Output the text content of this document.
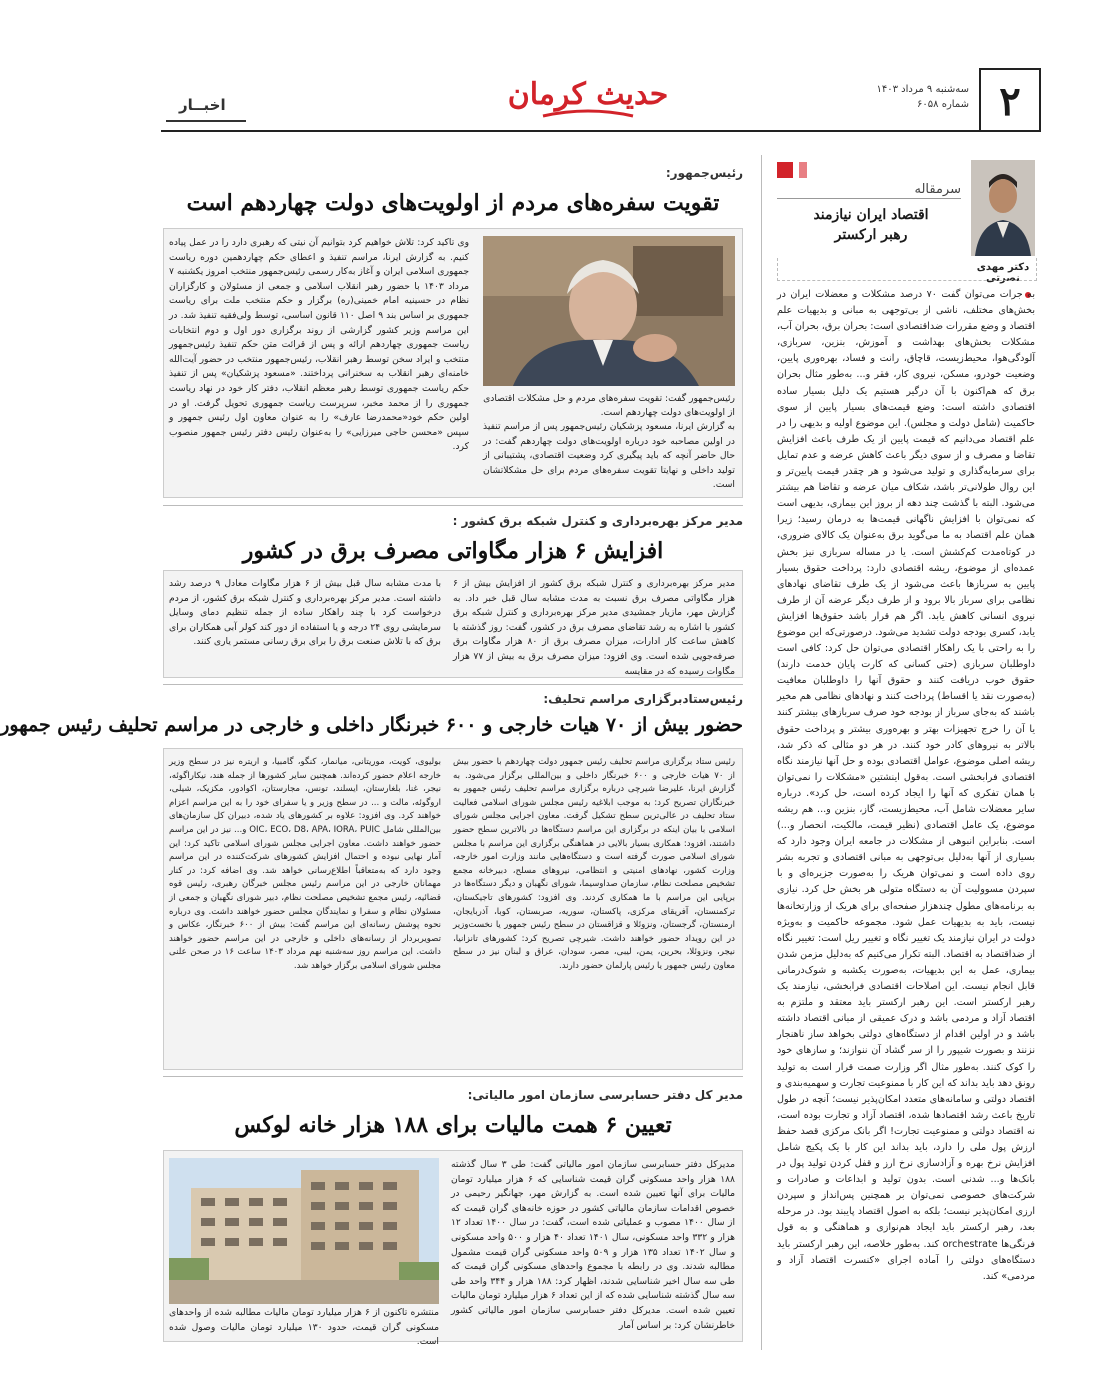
۲
سه‌شنبه ۹ مرداد ۱۴۰۳
شماره ۶۰۵۸
حدیث کرمان
اخبــار
سرمقاله
اقتصاد ایران نیازمند
رهبر ارکستر
دکتر مهدی نصرتی
به جرات می‌توان گفت ۷۰ درصد مشکلات و معضلات ایران در بخش‌های مختلف، ناشی از بی‌توجهی به مبانی و بدیهیات علم اقتصاد و وضع مقررات ضداقتصادی است: بحران برق، بحران آب، مشکلات بخش‌های بهداشت و آموزش، بنزین، سربازی، آلودگی‌هوا، محیط‌زیست، قاچاق، رانت و فساد، بهره‌وری پایین، وضعیت خودرو، مسکن، نیروی کار، فقر و... به‌طور مثال بحران برق که هم‌اکنون با آن درگیر هستیم یک دلیل بسیار ساده اقتصادی داشته است: وضع قیمت‌های بسیار پایین از سوی حاکمیت (شامل دولت و مجلس). این موضوع اولیه و بدیهی را در علم اقتصاد می‌دانیم که قیمت پایین از یک طرف باعث افزایش تقاضا و مصرف و از سوی دیگر باعث کاهش عرضه و عدم تمایل برای سرمایه‌گذاری و تولید می‌شود و هر چقدر قیمت پایین‌تر و این روال طولانی‌تر باشد، شکاف میان عرضه و تقاضا هم بیشتر می‌شود. البته با گذشت چند دهه از بروز این بیماری، بدیهی است که نمی‌توان با افزایش ناگهانی قیمت‌ها به درمان رسید؛ زیرا همان علم اقتصاد به ما می‌گوید برق به‌عنوان یک کالای ضروری، در کوتاه‌مدت کم‌کشش است. یا در مساله سربازی نیز بخش عمده‌ای از موضوع، ریشه اقتصادی دارد: پرداخت حقوق بسیار پایین به سربازها باعث می‌شود از یک طرف تقاضای نهادهای نظامی برای سرباز بالا برود و از طرف دیگر عرضه آن از طرف نیروی انسانی کاهش یابد. اگر هم قرار باشد حقوق‌ها افزایش یابد، کسری بودجه دولت تشدید می‌شود. درصورتی‌که این موضوع را به راحتی با یک راهکار اقتصادی می‌توان حل کرد: کافی است داوطلبان سربازی (حتی کسانی که کارت پایان خدمت دارند) حقوق خوب دریافت کنند و حقوق آنها را داوطلبان معافیت (به‌صورت نقد یا اقساط) پرداخت کنند و نهادهای نظامی هم مخیر باشند که به‌جای سرباز از بودجه خود صرف سربازهای بیشتر کنند یا آن را خرج تجهیزات بهتر و بهره‌وری بیشتر و پرداخت حقوق بالاتر به نیروهای کادر خود کنند. در هر دو مثالی که ذکر شد، ریشه اصلی موضوع، عوامل اقتصادی بوده و حل آنها نیازمند نگاه اقتصادی فرابخشی است. به‌قول اینشتین «مشکلات را نمی‌توان با همان تفکری که آنها را ایجاد کرده است، حل کرد». درباره سایر معضلات شامل آب، محیط‌زیست، گاز، بنزین و... هم ریشه موضوع، یک عامل اقتصادی (نظیر قیمت، مالکیت، انحصار و...) است. بنابراین انبوهی از مشکلات در جامعه ایران وجود دارد که بسیاری از آنها به‌دلیل بی‌توجهی به مبانی اقتصادی و تجربه بشر روی داده است و نمی‌توان هریک را به‌صورت جزیره‌ای و با سپردن مسوولیت آن به دستگاه متولی هر بخش حل کرد. نیازی به برنامه‌های مطول چندهزار صفحه‌ای برای هریک از وزارتخانه‌ها نیست، باید به بدیهیات عمل شود. مجموعه حاکمیت و به‌ویژه دولت در ایران نیازمند یک تغییر نگاه و تغییر ریل است: تغییر نگاه از ضداقتصاد به اقتصاد. البته تکرار می‌کنیم که به‌دلیل مزمن شدن بیماری، عمل به این بدیهیات، به‌صورت یکشبه و شوک‌درمانی قابل انجام نیست. این اصلاحات اقتصادی فرابخشی، نیازمند یک رهبر ارکستر است. این رهبر ارکستر باید معتقد و ملتزم به اقتصاد آزاد و مردمی باشد و درک عمیقی از مبانی اقتصاد داشته باشد و در اولین اقدام از دستگاه‌های دولتی بخواهد ساز ناهنجار نزنند و بصورت شیپور را از سر گشاد آن ننوازند؛ و سازهای خود را کوک کنند. به‌طور مثال اگر وزارت صمت قرار است به تولید رونق دهد باید بداند که این کار با ممنوعیت تجارت و سهمیه‌بندی و اقتصاد دولتی و سامانه‌های متعدد امکان‌پذیر نیست؛ آنچه در طول تاریخ باعث رشد اقتصادها شده، اقتصاد آزاد و تجارت بوده است، نه اقتصاد دولتی و ممنوعیت تجارت! اگر بانک مرکزی قصد حفظ ارزش پول ملی را دارد، باید بداند این کار با یک پکیج شامل افزایش نرخ بهره و آزادسازی نرخ ارز و قفل کردن تولید پول در بانک‌ها و... شدنی است. بدون تولید و ابداعات و صادرات و شرکت‌های خصوصی نمی‌توان بر همچنین پس‌انداز و سپردن ارزی امکان‌پذیر نیست؛ بلکه به اصول اقتصاد پایبند بود. در مرحله بعد، رهبر ارکستر باید ایجاد هم‌نوازی و هماهنگی و به قول فرنگی‌ها orchestrate کند. به‌طور خلاصه، این رهبر ارکستر باید دستگاه‌های دولتی را آماده اجرای «کنسرت اقتصاد آزاد و مردمی» کند.
رئیس‌جمهور:
تقویت سفره‌های مردم از اولویت‌های دولت چهاردهم است
رئیس‌جمهور گفت: تقویت سفره‌های مردم و حل مشکلات اقتصادی از اولویت‌های دولت چهاردهم است.
به گزارش ایرنا، مسعود پزشکیان رئیس‌جمهور پس از مراسم تنفیذ در اولین مصاحبه خود درباره اولویت‌های دولت چهاردهم گفت: در حال حاضر آنچه که باید پیگیری کرد وضعیت اقتصادی، پشتیبانی از تولید داخلی و نهایتا تقویت سفره‌های مردم برای حل مشکلاتشان است.
وی تاکید کرد: تلاش خواهیم کرد بتوانیم آن نیتی که رهبری دارد را در عمل پیاده کنیم. به گزارش ایرنا، مراسم تنفیذ و اعطای حکم چهاردهمین دوره ریاست جمهوری اسلامی ایران و آغاز به‌کار رسمی رئیس‌جمهور منتخب امروز یکشنبه ۷ مرداد ۱۴۰۳ با حضور رهبر انقلاب اسلامی و جمعی از مسئولان و کارگزاران نظام در حسینیه امام خمینی(ره) برگزار و حکم منتخب ملت برای ریاست جمهوری بر اساس بند ۹ اصل ۱۱۰ قانون اساسی، توسط ولی‌فقیه تنفیذ شد. در این مراسم وزیر کشور گزارشی از روند برگزاری دور اول و دوم انتخابات ریاست جمهوری چهاردهم ارائه و پس از قرائت متن حکم تنفیذ رئیس‌جمهور منتخب و ایراد سخن توسط رهبر انقلاب، رئیس‌جمهور منتخب در حضور آیت‌الله خامنه‌ای رهبر انقلاب به سخنرانی پرداختند. «مسعود پزشکیان» پس از تنفیذ حکم ریاست جمهوری توسط رهبر معظم انقلاب، دفتر کار خود در نهاد ریاست جمهوری را از محمد مخبر، سرپرست ریاست جمهوری تحویل گرفت. او در اولین حکم خود«محمدرضا عارف» را به عنوان معاون اول رئیس جمهور و سپس «محسن حاجی میرزایی» را به‌عنوان رئیس دفتر رئیس جمهور منصوب کرد.
مدیر مرکز بهره‌برداری و کنترل شبکه برق کشور :
افزایش ۶ هزار مگاواتی مصرف برق در کشور
مدیر مرکز بهره‌برداری و کنترل شبکه برق کشور از افزایش بیش از ۶ هزار مگاواتی مصرف برق نسبت به مدت مشابه سال قبل خبر داد. به گزارش مهر، مازیار جمشیدی مدیر مرکز بهره‌برداری و کنترل شبکه برق کشور با اشاره به رشد تقاضای مصرف برق در کشور، گفت: روز گذشته با کاهش ساعت کار ادارات، میزان مصرف برق از ۸۰ هزار مگاوات برق صرفه‌جویی شده است. وی افزود: میزان مصرف برق به بیش از ۷۷ هزار مگاوات رسیده که در مقایسه
با مدت مشابه سال قبل بیش از ۶ هزار مگاوات معادل ۹ درصد رشد داشته است. مدیر مرکز بهره‌برداری و کنترل شبکه برق کشور، از مردم درخواست کرد با چند راهکار ساده از جمله تنظیم دمای وسایل سرمایشی روی ۲۴ درجه و یا استفاده از دور کند کولر آبی همکاران برای برق که با تلاش صنعت برق را برای برق رسانی مستمر یاری کنند.
رئیس‌ستادبرگزاری مراسم تحلیف:
حضور بیش از ۷۰ هیات خارجی و ۶۰۰ خبرنگار داخلی و خارجی در مراسم تحلیف رئیس جمهور
رئیس ستاد برگزاری مراسم تحلیف رئیس جمهور دولت چهاردهم با حضور بیش از ۷۰ هیات خارجی و ۶۰۰ خبرنگار داخلی و بین‌المللی برگزار می‌شود. به گزارش ایرنا، علیرضا شیرچی درباره برگزاری مراسم تحلیف رئیس جمهور به خبرنگاران تصریح کرد: به موجب ابلاغیه رئیس مجلس شورای اسلامی فعالیت ستاد تحلیف در عالی‌ترین سطح تشکیل گرفت. معاون اجرایی مجلس شورای اسلامی با بیان اینکه در برگزاری این مراسم دستگاه‌ها در بالاترین سطح حضور داشتند، افزود: همکاری بسیار بالایی در هماهنگی برگزاری این مراسم با مجلس شورای اسلامی صورت گرفته است و دستگاه‌هایی مانند وزارت امور خارجه، وزارت کشور، نهادهای امنیتی و انتظامی، نیروهای مسلح، دبیرخانه مجمع تشخیص مصلحت نظام، سازمان صداوسیما، شورای نگهبان و دیگر دستگاه‌ها در برپایی این مراسم با ما همکاری کردند. وی افزود: کشورهای تاجیکستان، ترکمنستان، آفریقای مرکزی، پاکستان، سوریه، صربستان، کوبا، آذربایجان، ارمنستان، گرجستان، ونزوئلا و قزاقستان در سطح رئیس جمهور یا نخست‌وزیر در این رویداد حضور خواهند داشت. شیرچی تصریح کرد: کشورهای تانزانیا، نیجر، ونزوئلا، بحرین، یمن، لیبی، مصر، سودان، عراق و لبنان نیز در سطح معاون رئیس جمهور یا رئیس پارلمان حضور دارند.
بولیوی، کویت، موریتانی، میانمار، کنگو، گامبیا، و اریتره نیز در سطح وزیر خارجه اعلام حضور کرده‌اند. همچنین سایر کشورها از جمله هند، نیکاراگوئه، نیجر، غنا، بلغارستان، ایسلند، تونس، مجارستان، اکوادور، مکزیک، شیلی، اروگوئه، مالت و ... در سطح وزیر و یا سفرای خود را به این مراسم اعزام خواهند کرد. وی افزود: علاوه بر کشورهای یاد شده، دبیران کل سازمان‌های بین‌المللی شامل OIC، ECO، D8، APA، IORA، PUIC و... نیز در این مراسم حضور خواهند داشت. معاون اجرایی مجلس شورای اسلامی تاکید کرد: این آمار نهایی نبوده و احتمال افزایش کشورهای شرکت‌کننده در این مراسم وجود دارد که به‌متعاقباً اطلاع‌رسانی خواهد شد. وی اضافه کرد: در کنار مهمانان خارجی در این مراسم رئیس مجلس خبرگان رهبری، رئیس قوه قضائیه، رئیس مجمع تشخیص مصلحت نظام، دبیر شورای نگهبان و جمعی از مسئولان نظام و سفرا و نمایندگان مجلس حضور خواهند داشت. وی درباره نحوه پوشش رسانه‌ای این مراسم گفت: بیش از ۶۰۰ خبرنگار، عکاس و تصویربردار از رسانه‌های داخلی و خارجی در این مراسم حضور خواهند داشت. این مراسم روز سه‌شنبه نهم مرداد ۱۴۰۳ ساعت ۱۶ در صحن علنی مجلس شورای اسلامی برگزار خواهد شد.
مدیر کل دفتر حسابرسی سازمان امور مالیاتی:
تعیین ۶ همت مالیات برای ۱۸۸ هزار خانه لوکس
مدیرکل دفتر حسابرسی سازمان امور مالیاتی گفت: طی ۳ سال گذشته ۱۸۸ هزار واحد مسکونی گران قیمت شناسایی که ۶ هزار میلیارد تومان مالیات برای آنها تعیین شده است. به گزارش مهر، جهانگیر رحیمی در خصوص اقدامات سازمان مالیاتی کشور در حوزه خانه‌های گران قیمت که از سال ۱۴۰۰ مصوب و عملیاتی شده است، گفت: در سال ۱۴۰۰ تعداد ۱۲ هزار و ۳۳۲ واحد مسکونی، سال ۱۴۰۱ تعداد ۴۰ هزار و ۵۰۰ واحد مسکونی و سال ۱۴۰۲ تعداد ۱۳۵ هزار و ۵۰۹ واحد مسکونی گران قیمت مشمول مطالبه شدند. وی در رابطه با مجموع واحدهای مسکونی گران قیمت که طی سه سال اخیر شناسایی شدند، اظهار کرد: ۱۸۸ هزار و ۳۴۴ واحد طی سه سال گذشته شناسایی شده که از این تعداد ۶ هزار میلیارد تومان مالیات تعیین شده است. مدیرکل دفتر حسابرسی سازمان امور مالیاتی کشور خاطرنشان کرد: بر اساس آمار
منتشره تاکنون از ۶ هزار میلیارد تومان مالیات مطالبه شده از واحدهای مسکونی گران قیمت، حدود ۱۳۰ میلیارد تومان مالیات وصول شده است.
